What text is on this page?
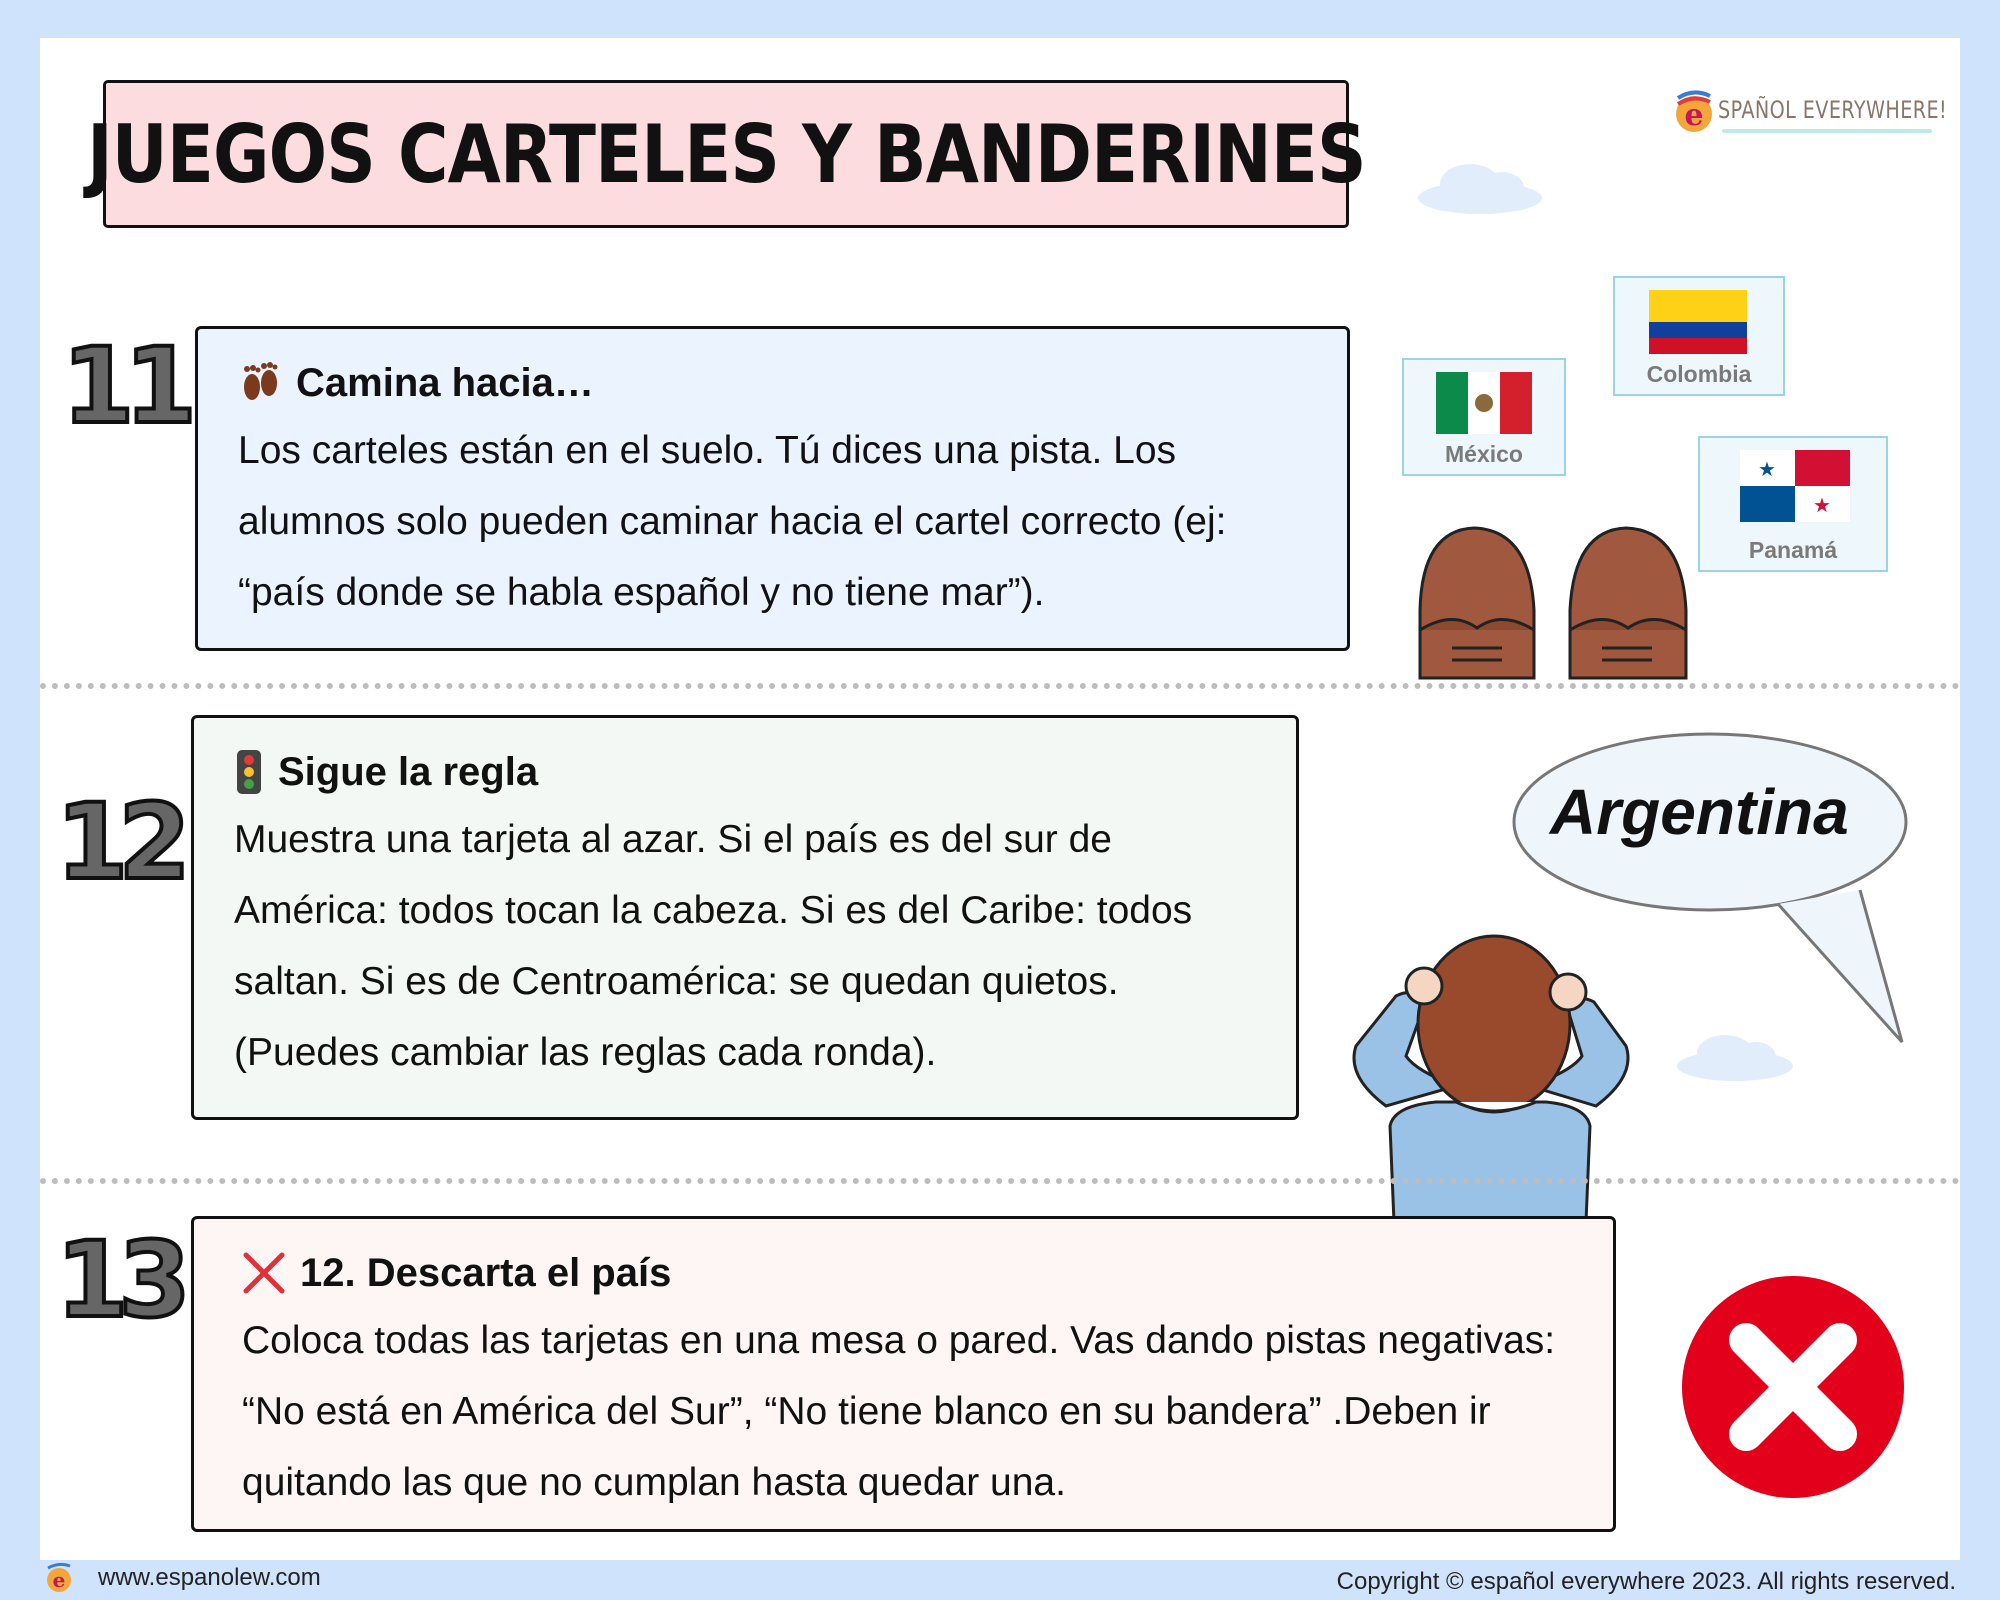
JUEGOS CARTELES Y BANDERINES	e SPAÑOL EVERYWHERE!
11	Camina hacia…
Los carteles están en el suelo. Tú dices una pista. Los alumnos solo pueden caminar hacia el cartel correcto (ej: “país donde se habla español y no tiene mar”).
México
Colombia
★
★
Panamá
12
Sigue la regla
Muestra una tarjeta al azar. Si el país es del sur de América: todos tocan la cabeza. Si es del Caribe: todos saltan. Si es de Centroamérica: se quedan quietos. (Puedes cambiar las reglas cada ronda).
Argentina
13	12. Descarta el país
Coloca todas las tarjetas en una mesa o pared. Vas dando pistas negativas: “No está en América del Sur”, “No tiene blanco en su bandera” .Deben ir quitando las que no cumplan hasta quedar una.
e www.espanolew.com	Copyright © español everywhere 2023. All rights reserved.
